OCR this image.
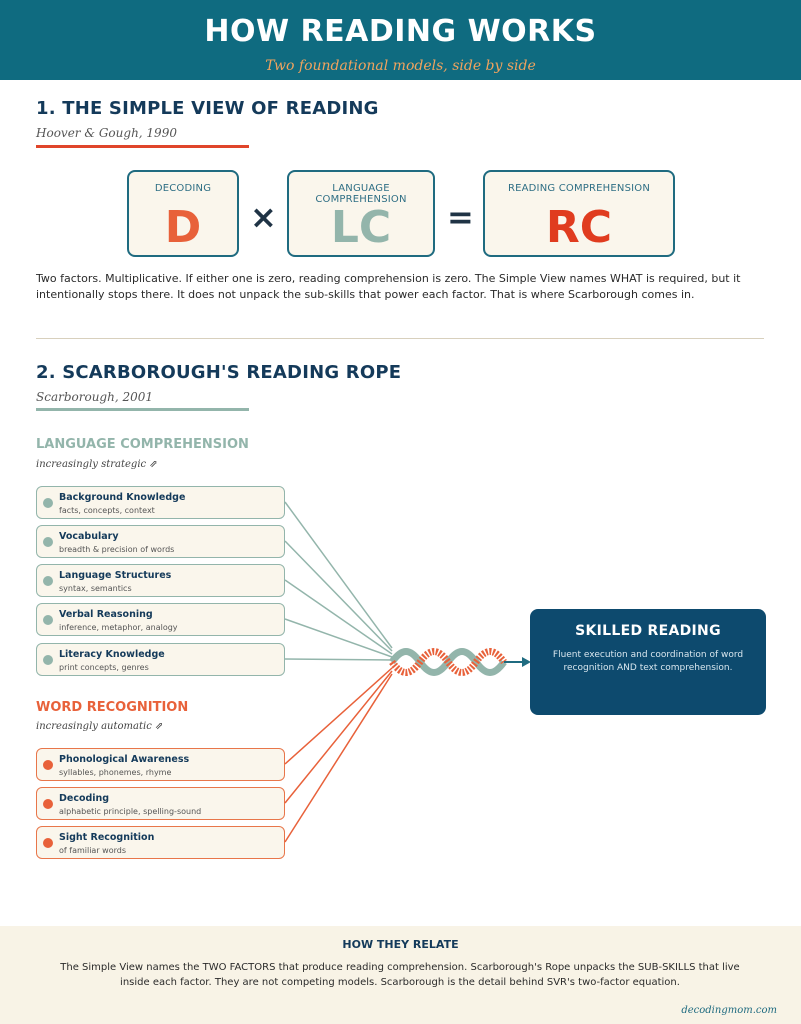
HOW READING WORKS
Two foundational models, side by side
1. THE SIMPLE VIEW OF READING
Hoover & Gough, 1990
DECODING
D	×
LANGUAGE COMPREHENSION
LC	=
READING COMPREHENSION
RC
Two factors. Multiplicative. If either one is zero, reading comprehension is zero. The Simple View names WHAT is required, but it intentionally stops there. It does not unpack the sub-skills that power each factor. That is where Scarborough comes in.
2. SCARBOROUGH'S READING ROPE
Scarborough, 2001
LANGUAGE COMPREHENSION
increasingly strategic ⇗
Background Knowledge
facts, concepts, context
Vocabulary
breadth & precision of words
Language Structures
syntax, semantics
Verbal Reasoning
inference, metaphor, analogy
Literacy Knowledge
print concepts, genres
WORD RECOGNITION
increasingly automatic ⇗
Phonological Awareness
syllables, phonemes, rhyme
Decoding
alphabetic principle, spelling-sound
Sight Recognition
of familiar words
SKILLED READING
Fluent execution and coordination of word recognition AND text comprehension.
HOW THEY RELATE
The Simple View names the TWO FACTORS that produce reading comprehension. Scarborough's Rope unpacks the SUB-SKILLS that live inside each factor. They are not competing models. Scarborough is the detail behind SVR's two-factor equation.
decodingmom.com
